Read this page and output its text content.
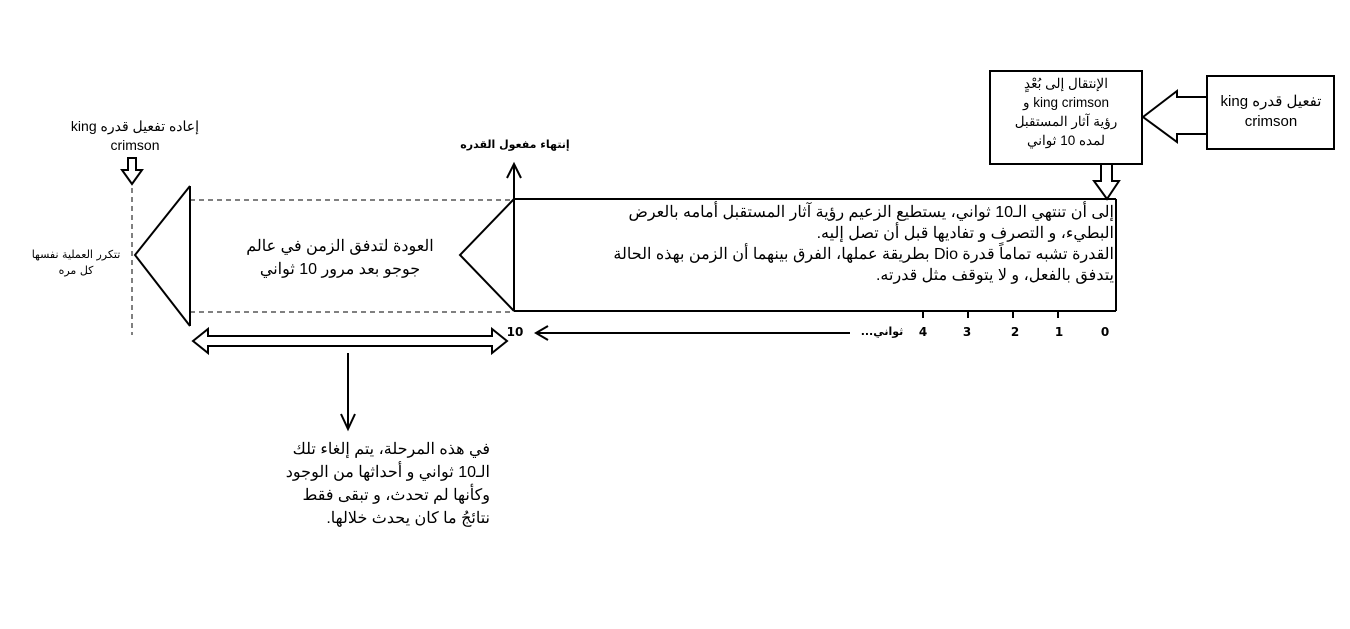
تفعيل قدره king
crimson
الإنتقال إلى بُعْدٍ
king crimson و
رؤية آثار المستقبل
لمده 10 ثواني
إعاده تفعيل قدره king
crimson	إنتهاء مفعول القدره
تتكرر العملية نفسها
كل مره
العودة لتدفق الزمن في عالم
جوجو بعد مرور 10 ثواني

إلى أن تنتهي الـ10 ثواني، يستطيع الزعيم رؤية آثار المستقبل أمامه بالعرض

البطيء، و التصرف و تفاديها قبل أن تصل إليه.

القدرة تشبه تماماً قدرة Dio بطريقة عملها، الفرق بينهما أن الزمن بهذه الحالة

يتدفق بالفعل، و لا يتوقف مثل قدرته.

0
1
2
3
4
ثواني...
10
في هذه المرحلة، يتم إلغاء تلك
الـ10 ثواني و أحداثها من الوجود
وكأنها لم تحدث، و تبقى فقط
نتائجُ ما كان يحدث خلالها.
